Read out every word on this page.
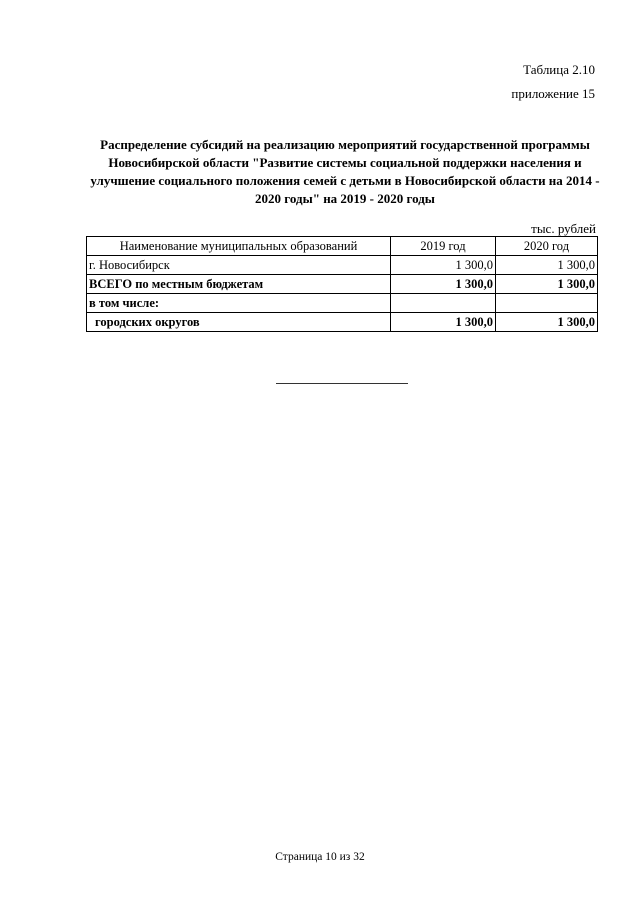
Таблица 2.10
приложение 15
Распределение субсидий на реализацию мероприятий государственной программы Новосибирской области "Развитие системы социальной поддержки населения и улучшение социального положения семей с детьми в Новосибирской области на 2014 - 2020 годы" на 2019 - 2020 годы
тыс. рублей
Наименование муниципальных образований	2019 год	2020 год
г. Новосибирск	1 300,0	1 300,0
ВСЕГО по местным бюджетам	1 300,0	1 300,0
в том числе:		
городских округов	1 300,0	1 300,0
Страница 10 из 32
